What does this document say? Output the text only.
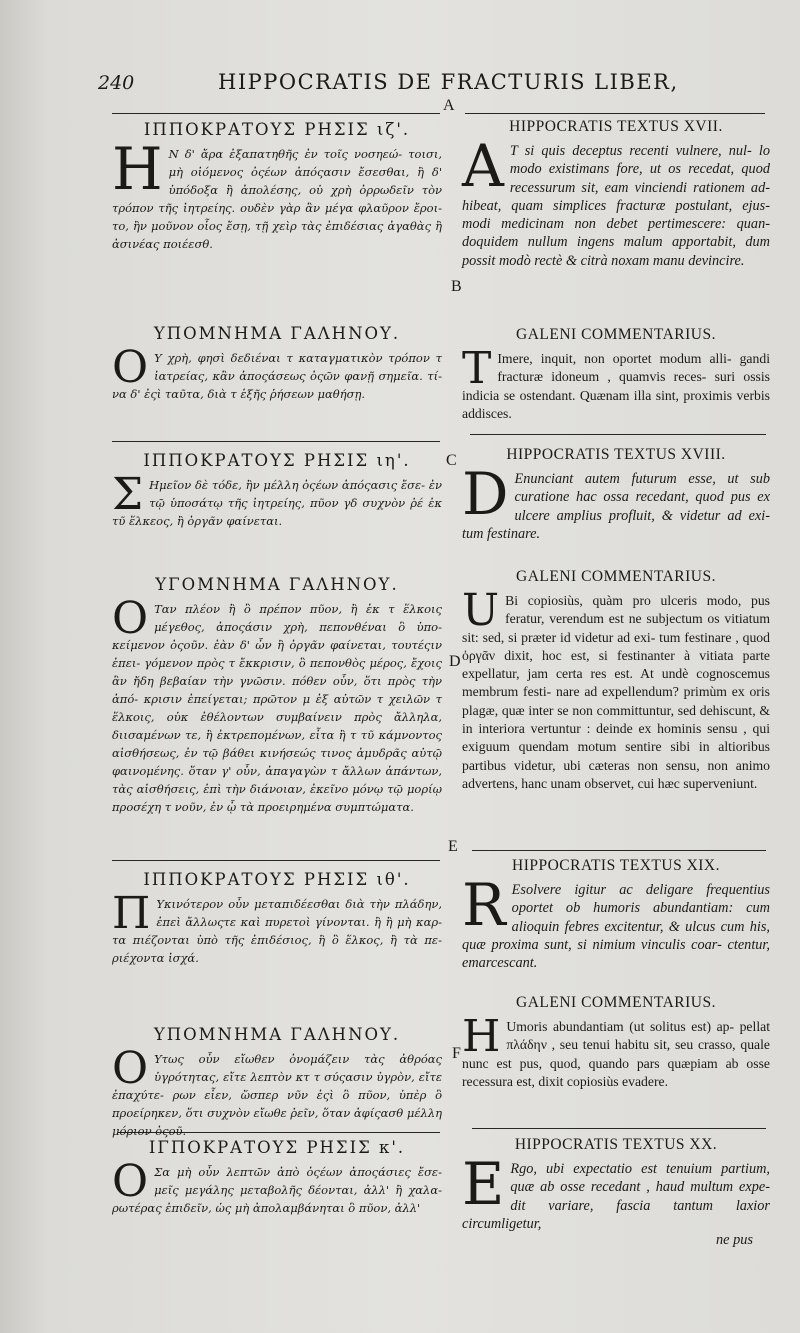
240	HIPPOCRATIS DE FRACTURIS LIBER,
A
B
C
D
E
F

ΙΠΠΟΚΡΑΤΟΥΣ ΡΗΣΙΣ ιζ'.

Η Ν δ' ἄρα ἐξαπατηθῆς ἐν τοῖς νοσηεώ- τοισι, μὴ οἰόμενος ὀςέων ἀπόςασιν ἔσεσθαι, ἢ δ' ὑπόδοξα ἢ ἀπολέσης, οὐ χρὴ ὀρρωδεῖν τὸν τρόπον τῆς ἰητρείης. ουδὲν γὰρ ἂν μέγα φλαῦρον ἔροι- το, ἢν μοῦνον οἷος ἔσῃ, τῇ χεὶρ τὰς ἐπιδέσιας ἀγαθὰς ἢ ἀσινέας ποιέεσθ.

ΥΠΟΜΝΗΜΑ ΓΑΛΗΝΟΥ.

Ο Υ χρὴ, φησὶ δεδιέναι τ καταγματικὸν τρόπον τ ἰατρείας, κἂν ἀποςάσεως ὀςῶν φανῇ σημεῖα. τί- να δ' ἐςὶ ταῦτα, διὰ τ ἑξῆς ῥήσεων μαθήσῃ.

ΙΠΠΟΚΡΑΤΟΥΣ ΡΗΣΙΣ ιη'.

Σ Ημεῖον δὲ τόδε, ἢν μέλλη ὀςέων ἀπόςασις ἔσε- ἐν τῷ ὑποσάτῳ τῆς ἰητρείης, πῦον γδ συχνὸν ῥέ ἐκ τῦ ἕλκεος, ἢ ὀργᾶν φαίνεται.

ΥΓΟΜΝΗΜΑ ΓΑΛΗΝΟΥ.

Ο Ταν πλέον ἢ ὃ πρέπον πῦον, ἢ ἐκ τ ἕλκοις μέγεθος, ἀποςάσιν χρὴ, πεπονθέναι ὃ ὑπο- κείμενον ὀςοῦν. ἐὰν δ' ὧν ἢ ὀργᾶν φαίνεται, τουτέςιν ἐπει- γόμενον πρὸς τ ἔκκρισιν, ὃ πεπονθὸς μέρος, ἔχοις ἂν ἤδη βεβαίαν τὴν γνῶσιν. πόθεν οὖν, ὅτι πρὸς τὴν ἀπό- κρισιν ἐπείγεται; πρῶτον μ ἐξ αὐτῶν τ χειλῶν τ ἕλκοις, οὐκ ἐθέλοντων συμβαίνειν πρὸς ἄλληλα, διισαμένων τε, ἢ ἐκτρεπομένων, εἶτα ἢ τ τῦ κάμνοντος αἰσθήσεως, ἐν τῷ βάθει κινήσεώς τινος ἀμυδρᾶς αὐτῷ φαινομένης. ὅταν γ' οὖν, ἀπαγαγὼν τ ἄλλων ἁπάντων, τὰς αἰσθήσεις, ἐπὶ τὴν διάνοιαν, ἐκεῖνο μόνῳ τῷ μορίῳ προσέχη τ νοῦν, ἐν ᾧ τὰ προειρημένα συμπτώματα.

ΙΠΠΟΚΡΑΤΟΥΣ ΡΗΣΙΣ ιθ'.

Π Υκινότερον οὖν μεταπιδέεσθαι διὰ τὴν πλάδην, ἐπεὶ ἄλλωςτε καὶ πυρετοὶ γίνονται. ἢ ἢ μὴ καρ- τα πιέζονται ὑπὸ τῆς ἐπιδέσιος, ἢ ὃ ἕλκος, ἢ τὰ πε- ριέχοντα ἰσχά.

ΥΠΟΜΝΗΜΑ ΓΑΛΗΝΟΥ.

Ο Υτως οὖν εἴωθεν ὀνομάζειν τὰς ἀθρόας ὑγρότητας, εἴτε λεπτὸν κτ τ σύςασιν ὑγρὸν, εἴτε ἐπαχύτε- ρων εἶεν, ὥσπερ νῦν ἐςὶ ὃ πῦον, ὑπὲρ ὃ προείρηκεν, ὅτι συχνὸν εἴωθε ῥεῖν, ὅταν ἀφίςασθ μέλλη μόριον ὀςοῦ.

ΙΓΠΟΚΡΑΤΟΥΣ ΡΗΣΙΣ κ'.

Ο Σα μὴ οὖν λεπτῶν ἀπὸ ὀςέων ἀποςάσιες ἔσε- μεῖς μεγάλης μεταβολῆς δέονται, ἀλλ' ἢ χαλα- ρωτέρας ἐπιδεῖν, ὡς μὴ ἀπολαμβάνηται ὃ πῦον, ἀλλ'

HIPPOCRATIS TEXTUS XVII.

A T si quis deceptus recenti vulnere, nul- lo modo existimans fore, ut os recedat, quod recessurum sit, eam vinciendi rationem ad- hibeat, quam simplices fracturæ postulant, ejus- modi medicinam non debet pertimescere: quan- doquidem nullum ingens malum apportabit, dum possit modò rectè & citrà noxam manu devincire.

GALENI COMMENTARIUS.

T Imere, inquit, non oportet modum alli- gandi fracturæ idoneum , quamvis reces- suri ossis indicia se ostendant. Quænam illa sint, proximis verbis addisces.

HIPPOCRATIS TEXTUS XVIII.

D Enunciant autem futurum esse, ut sub curatione hac ossa recedant, quod pus ex ulcere amplius profluit, & videtur ad exi- tum festinare.

GALENI COMMENTARIUS.

U Bi copiosiùs, quàm pro ulceris modo, pus feratur, verendum est ne subjectum os vitiatum sit: sed, si præter id videtur ad exi- tum festinare , quod ὀργᾶν dixit, hoc est, si festinanter à vitiata parte expellatur, jam certa res est. At undè cognoscemus membrum festi- nare ad expellendum? primùm ex oris plagæ, quæ inter se non committuntur, sed dehiscunt, & in interiora vertuntur : deinde ex hominis sensu , qui exiguum quendam motum sentire sibi in altioribus partibus videtur, ubi cæteras non sensu, non animo advertens, hanc unam observet, cui hæc superveniunt.

HIPPOCRATIS TEXTUS XIX.

R Esolvere igitur ac deligare frequentius oportet ob humoris abundantiam: cum alioquin febres excitentur, & ulcus cum his, quæ proxima sunt, si nimium vinculis coar- ctentur, emarcescant.

GALENI COMMENTARIUS.

H Umoris abundantiam (ut solitus est) ap- pellat πλάδην , seu tenui habitu sit, seu crasso, quale nunc est pus, quod, quando pars quæpiam ab osse recessura est, dixit copiosiùs evadere.

HIPPOCRATIS TEXTUS XX.

E Rgo, ubi expectatio est tenuium partium, quæ ab osse recedant , haud multum expe- dit variare, fascia tantum laxior circumligetur,

ne pus
